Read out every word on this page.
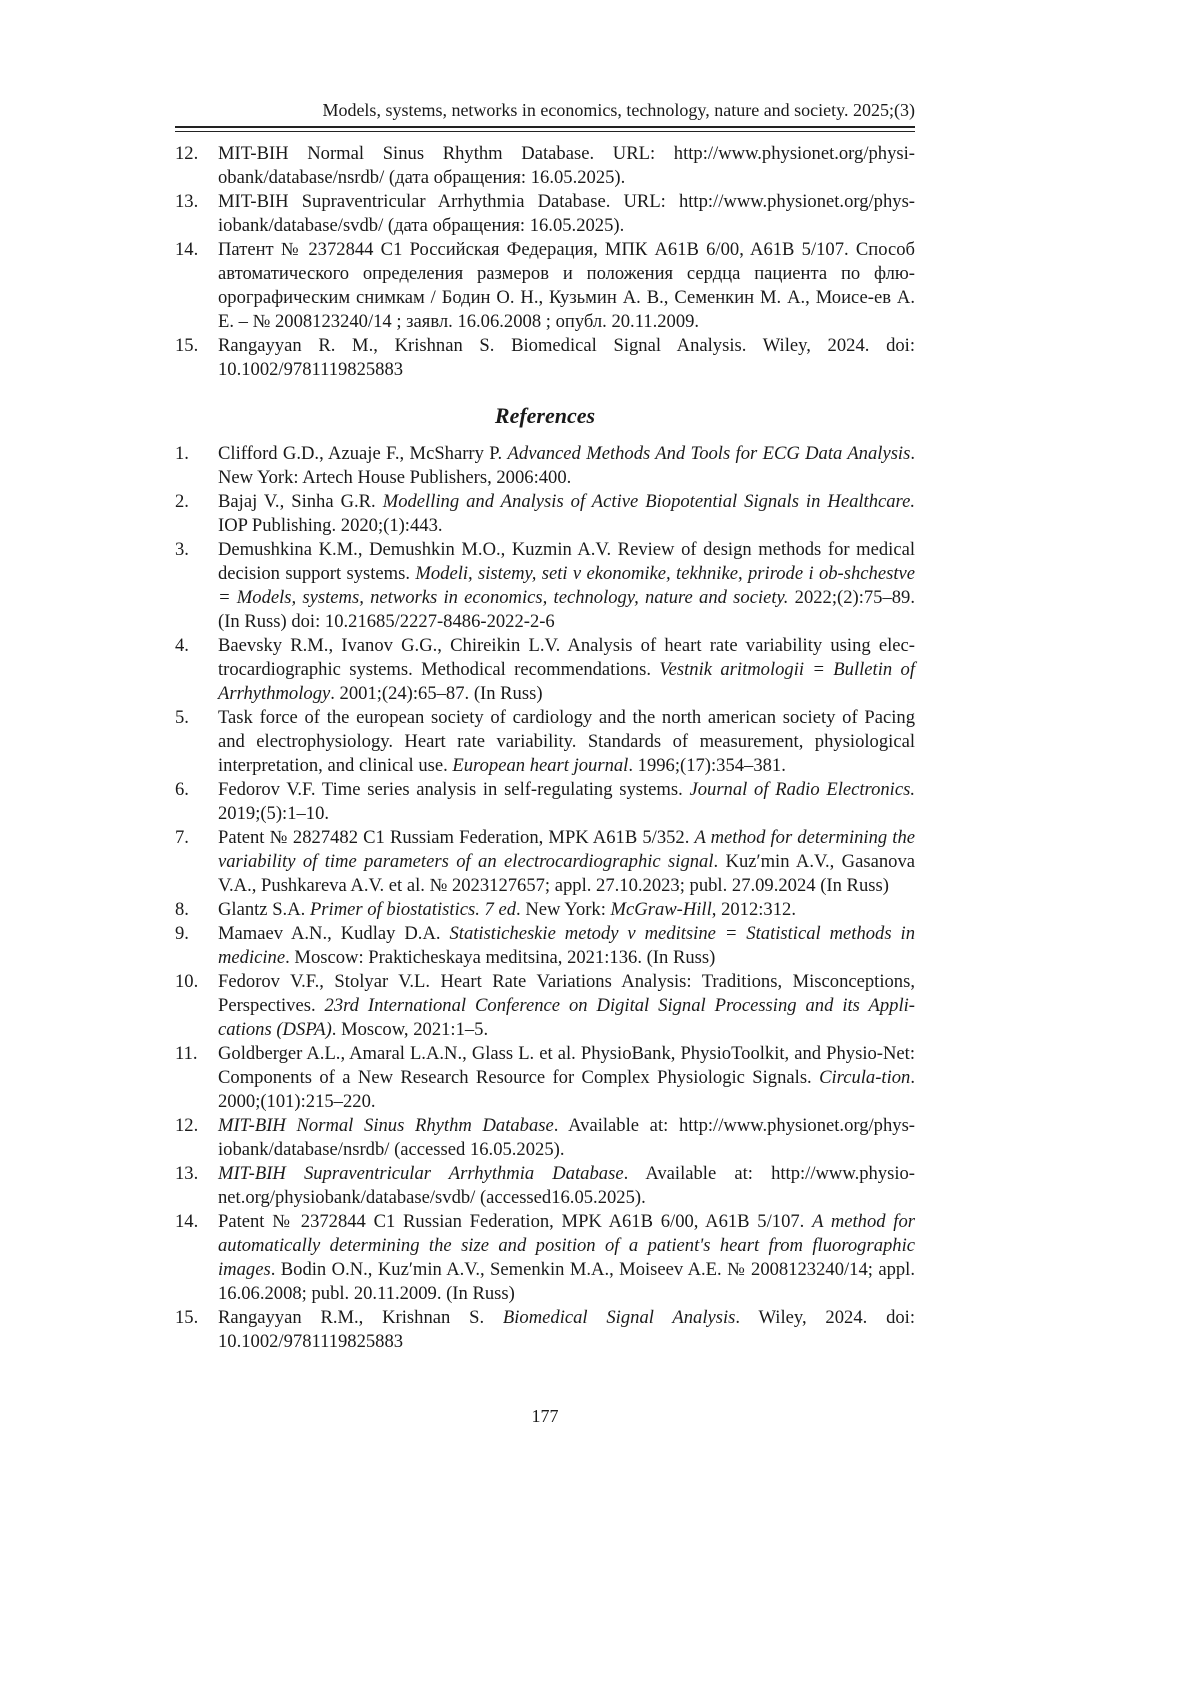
Models, systems, networks in economics, technology, nature and society. 2025;(3)
12. MIT-BIH Normal Sinus Rhythm Database. URL: http://www.physionet.org/physi-obank/database/nsrdb/ (дата обращения: 16.05.2025).
13. MIT-BIH Supraventricular Arrhythmia Database. URL: http://www.physionet.org/phys-iobank/database/svdb/ (дата обращения: 16.05.2025).
14. Патент № 2372844 С1 Российская Федерация, МПК A61B 6/00, A61B 5/107. Способ автоматического определения размеров и положения сердца пациента по флю-орографическим снимкам / Бодин О. Н., Кузьмин А. В., Семенкин М. А., Моисе-ев А. Е. – № 2008123240/14 ; заявл. 16.06.2008 ; опубл. 20.11.2009.
15. Rangayyan R. M., Krishnan S. Biomedical Signal Analysis. Wiley, 2024. doi: 10.1002/9781119825883
References
1. Clifford G.D., Azuaje F., McSharry P. Advanced Methods And Tools for ECG Data Analysis. New York: Artech House Publishers, 2006:400.
2. Bajaj V., Sinha G.R. Modelling and Analysis of Active Biopotential Signals in Healthcare. IOP Publishing. 2020;(1):443.
3. Demushkina K.M., Demushkin M.O., Kuzmin A.V. Review of design methods for medical decision support systems. Modeli, sistemy, seti v ekonomike, tekhnike, prirode i ob-shchestve = Models, systems, networks in economics, technology, nature and society. 2022;(2):75–89. (In Russ) doi: 10.21685/2227-8486-2022-2-6
4. Baevsky R.M., Ivanov G.G., Chireikin L.V. Analysis of heart rate variability using elec-trocardiographic systems. Methodical recommendations. Vestnik aritmologii = Bulletin of Arrhythmology. 2001;(24):65–87. (In Russ)
5. Task force of the european society of cardiology and the north american society of Pacing and electrophysiology. Heart rate variability. Standards of measurement, physiological interpretation, and clinical use. European heart journal. 1996;(17):354–381.
6. Fedorov V.F. Time series analysis in self-regulating systems. Journal of Radio Electronics. 2019;(5):1–10.
7. Patent № 2827482 C1 Russiam Federation, MPK A61B 5/352. A method for determining the variability of time parameters of an electrocardiographic signal. Kuz′min A.V., Gasanova V.A., Pushkareva A.V. et al. № 2023127657; appl. 27.10.2023; publ. 27.09.2024 (In Russ)
8. Glantz S.A. Primer of biostatistics. 7 ed. New York: McGraw-Hill, 2012:312.
9. Mamaev A.N., Kudlay D.A. Statisticheskie metody v meditsine = Statistical methods in medicine. Moscow: Prakticheskaya meditsina, 2021:136. (In Russ)
10. Fedorov V.F., Stolyar V.L. Heart Rate Variations Analysis: Traditions, Misconceptions, Perspectives. 23rd International Conference on Digital Signal Processing and its Appli-cations (DSPA). Moscow, 2021:1–5.
11. Goldberger A.L., Amaral L.A.N., Glass L. et al. PhysioBank, PhysioToolkit, and Physio-Net: Components of a New Research Resource for Complex Physiologic Signals. Circula-tion. 2000;(101):215–220.
12. MIT-BIH Normal Sinus Rhythm Database. Available at: http://www.physionet.org/phys-iobank/database/nsrdb/ (accessed 16.05.2025).
13. MIT-BIH Supraventricular Arrhythmia Database. Available at: http://www.physio-net.org/physiobank/database/svdb/ (accessed16.05.2025).
14. Patent № 2372844 C1 Russian Federation, MPK A61B 6/00, A61B 5/107. A method for automatically determining the size and position of a patient's heart from fluorographic images. Bodin O.N., Kuz′min A.V., Semenkin M.A., Moiseev A.E. № 2008123240/14; appl. 16.06.2008; publ. 20.11.2009. (In Russ)
15. Rangayyan R.M., Krishnan S. Biomedical Signal Analysis. Wiley, 2024. doi: 10.1002/9781119825883
177
